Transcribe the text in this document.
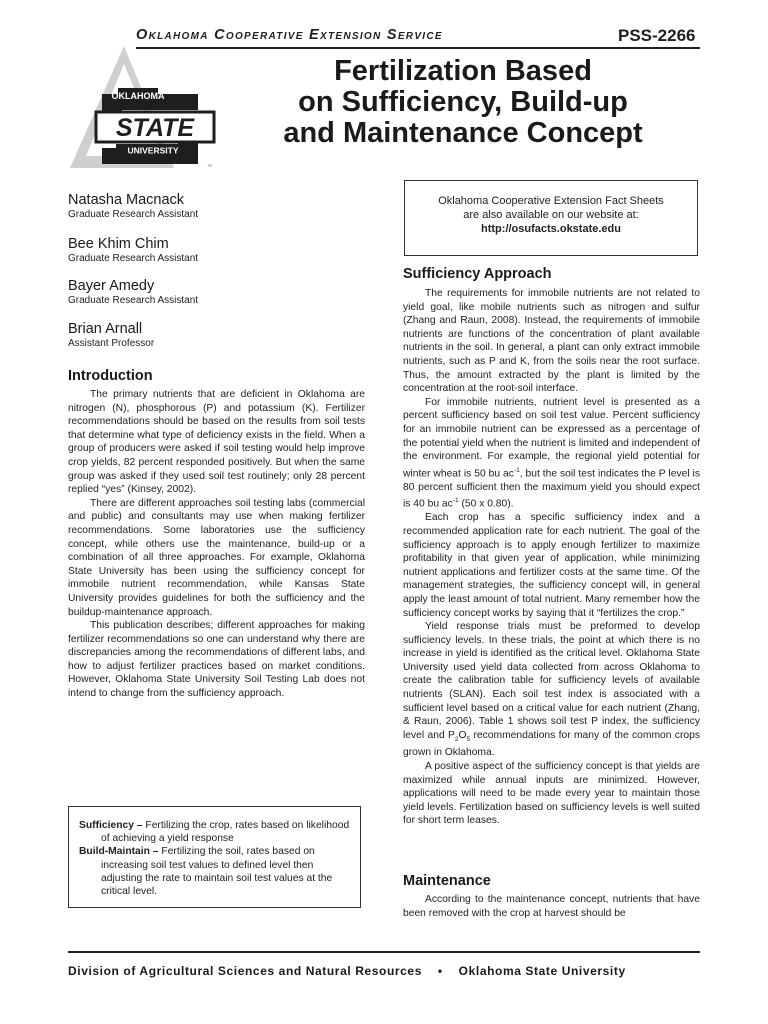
Oklahoma Cooperative Extension Service	PSS-2266
OKLAHOMA
STATE
UNIVERSITY
™
Fertilization Based
on Sufficiency, Build-up
and Maintenance Concept
Natasha Macnack
Graduate Research Assistant
Bee Khim Chim
Graduate Research Assistant
Bayer Amedy
Graduate Research Assistant
Brian Arnall
Assistant Professor
Introduction

The primary nutrients that are deficient in Oklahoma are nitrogen (N), phosphorous (P) and potassium (K). Fertilizer recommendations should be based on the results from soil tests that determine what type of deficiency exists in the field. When a group of producers were asked if soil testing would help improve crop yields, 82 percent responded positively. But when the same group was asked if they used soil test routinely; only 28 percent replied “yes” (Kinsey, 2002).

There are different approaches soil testing labs (commercial and public) and consultants may use when making fertilizer recommendations. Some laboratories use the sufficiency concept, while others use the maintenance, build-up or a combination of all three approaches. For example, Oklahoma State University has been using the sufficiency concept for immobile nutrient recommendation, while Kansas State University provides guidelines for both the sufficiency and the buildup-maintenance approach.

This publication describes; different approaches for making fertilizer recommendations so one can understand why there are discrepancies among the recommendations of different labs, and how to adjust fertilizer practices based on market conditions. However, Oklahoma State University Soil Testing Lab does not intend to change from the sufficiency approach.

Sufficiency – Fertilizing the crop, rates based on likelihood of achieving a yield response
Build-Maintain – Fertilizing the soil, rates based on increasing soil test values to defined level then adjusting the rate to maintain soil test values at the critical level.
Oklahoma Cooperative Extension Fact Sheets
are also available on our website at:
http://osufacts.okstate.edu
Sufficiency Approach

The requirements for immobile nutrients are not related to yield goal, like mobile nutrients such as nitrogen and sulfur (Zhang and Raun, 2008). Instead, the requirements of immobile nutrients are functions of the concentration of plant available nutrients in the soil. In general, a plant can only extract immobile nutrients, such as P and K, from the soils near the root surface. Thus, the amount extracted by the plant is limited by the concentration at the root-soil interface.

For immobile nutrients, nutrient level is presented as a percent sufficiency based on soil test value. Percent sufficiency for an immobile nutrient can be expressed as a percentage of the potential yield when the nutrient is limited and independent of the environment. For example, the regional yield potential for winter wheat is 50 bu $ac^{-1}$, but the soil test indicates the P level is 80 percent sufficient then the maximum yield you should expect is 40 bu $ac^{-1}$ (50 x 0.80).

Each crop has a specific sufficiency index and a recommended application rate for each nutrient. The goal of the sufficiency approach is to apply enough fertilizer to maximize profitability in that given year of application, while minimizing nutrient applications and fertilizer costs at the same time. Of the management strategies, the sufficiency concept will, in general apply the least amount of total nutrient. Many remember how the sufficiency concept works by saying that it “fertilizes the crop.”

Yield response trials must be preformed to develop sufficiency levels. In these trials, the point at which there is no increase in yield is identified as the critical level. Oklahoma State University used yield data collected from across Oklahoma to create the calibration table for sufficiency levels of available nutrients (SLAN). Each soil test index is associated with a sufficient level based on a critical value for each nutrient (Zhang, & Raun, 2006). Table 1 shows soil test P index, the sufficiency level and $P_2O_5$ recommendations for many of the common crops grown in Oklahoma.

A positive aspect of the sufficiency concept is that yields are maximized while annual inputs are minimized. However, applications will need to be made every year to maintain those yield levels. Fertilization based on sufficiency levels is well suited for short term leases.

Maintenance

According to the maintenance concept, nutrients that have been removed with the crop at harvest should be

Division of Agricultural Sciences and Natural Resources • Oklahoma State University
